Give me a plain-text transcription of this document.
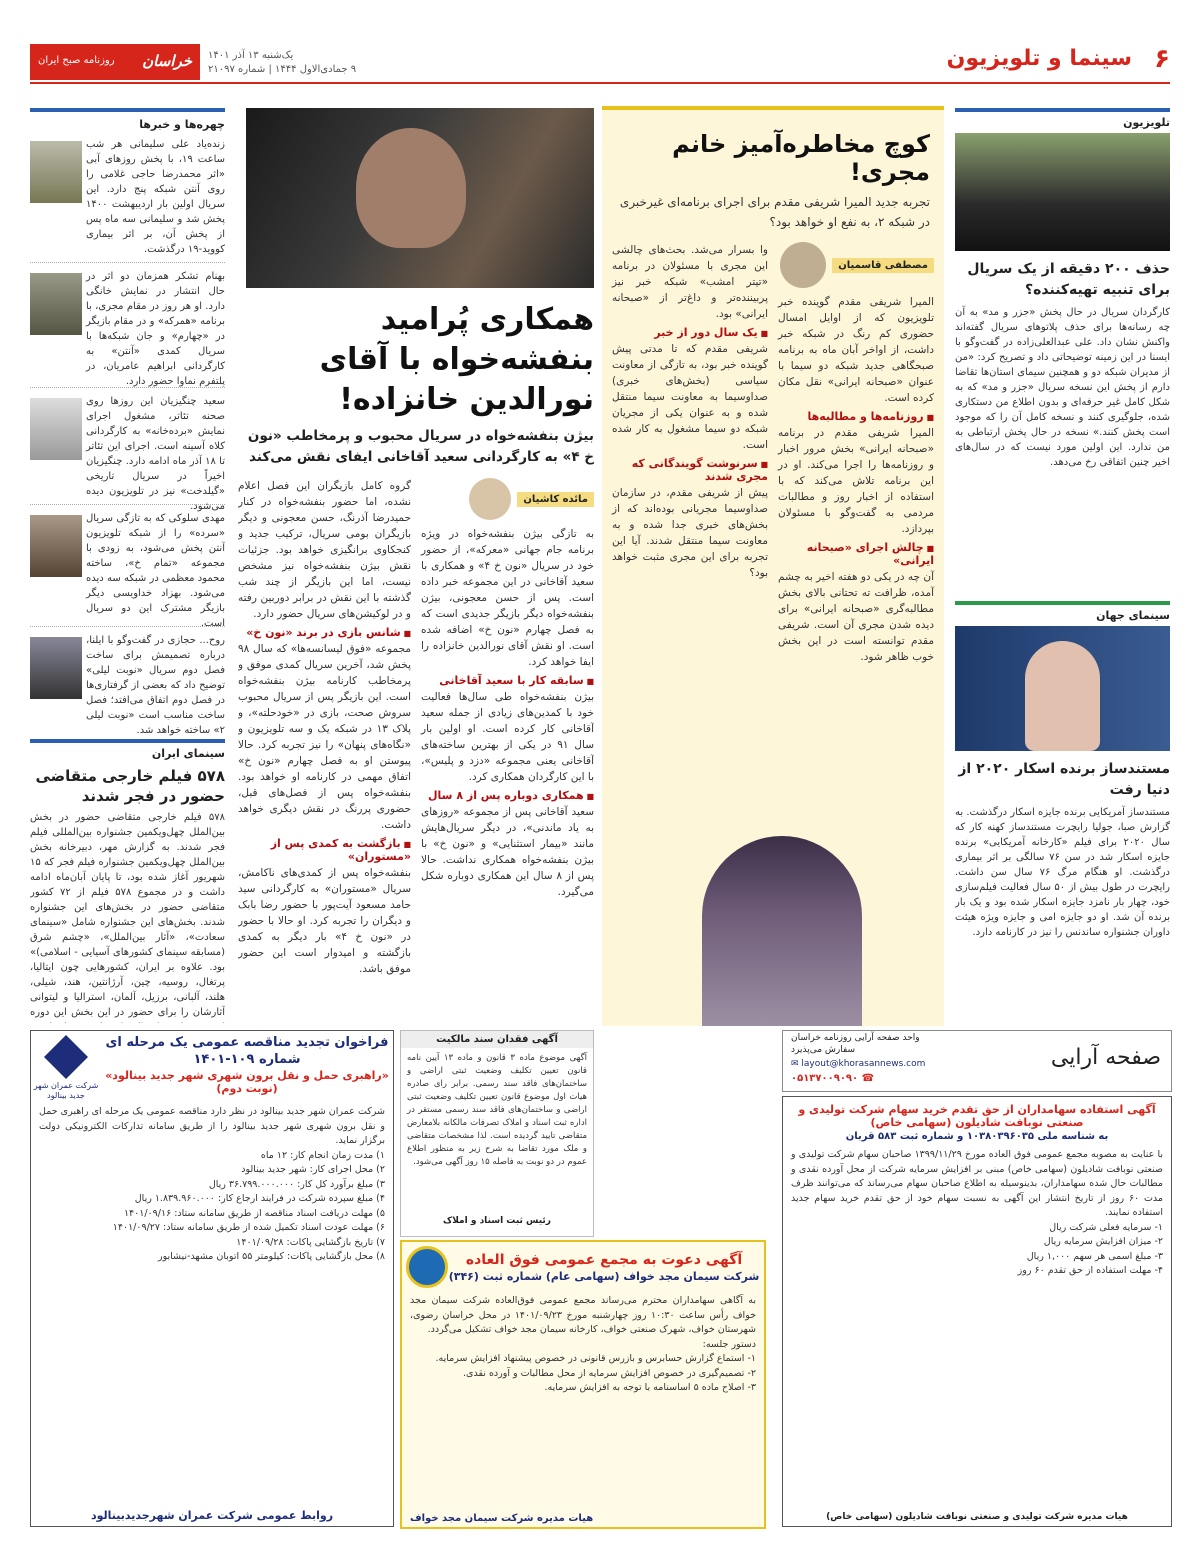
۶
سینما و تلویزیون
یک‌شنبه ۱۳ آذر ۱۴۰۱
۹ جمادی‌الاول ۱۴۴۴ | شماره ۲۱۰۹۷
خراسان
روزنامه صبح ایران
چهره‌ها و خبرها
زنده‌یاد علی سلیمانی هر شب ساعت ۱۹، با پخش روزهای آبی «اثر محمدرضا حاجی غلامی را روی آنتن شبکه پنج دارد. این سریال اولین بار اردیبهشت ۱۴۰۰ پخش شد و سلیمانی سه ماه پس از پخش آن، بر اثر بیماری کووید-۱۹ درگذشت.
بهنام تشکر همزمان دو اثر در حال انتشار در نمایش خانگی دارد. او هر روز در مقام مجری، با برنامه «همرکه» و در مقام بازیگر در «چهارم» و جان شبکه‌ها با سریال کمدی «آنتن» به کارگردانی ابراهیم عامریان، در پلتفرم نماوا حضور دارد.
سعید چنگیزیان این روزها روی صحنه تئاتر، مشغول اجرای نمایش «برده‌خانه» به کارگردانی کلاه آسینه است. اجرای این تئاتر تا ۱۸ آذر ماه ادامه دارد. چنگیزیان اخیراً در سریال تاریخی «گیلدخت» نیز در تلویزیون دیده می‌شود.
مهدی سلوکی که به تازگی سریال «سرده» را از شبکه تلویزیون آنتن پخش می‌شود، به زودی با مجموعه «تمام خ»، ساخته محمود معظمی در شبکه سه دیده می‌شود. بهزاد خداویسی دیگر بازیگر مشترک این دو سریال است.
روح... حجازی در گفت‌وگو با ایلنا، درباره تصمیمش برای ساخت فصل دوم سریال «نوبت لیلی» توضیح داد که بعضی از گرفتاری‌ها در فصل دوم اتفاق می‌افتد؛ فصل ساخت مناسب است «نوبت لیلی ۲» ساخته خواهد شد.
سینمای ایران
۵۷۸ فیلم خارجی متقاضی حضور در فجر شدند
۵۷۸ فیلم خارجی متقاضی حضور در بخش بین‌الملل چهل‌ویکمین جشنواره بین‌المللی فیلم فجر شدند. به گزارش مهر، دبیرخانه بخش بین‌الملل چهل‌ویکمین جشنواره فیلم فجر که ۱۵ شهریور آغاز شده بود، تا پایان آبان‌ماه ادامه داشت و در مجموع ۵۷۸ فیلم از ۷۲ کشور متقاضی حضور در بخش‌های این جشنواره شدند. بخش‌های این جشنواره شامل «سینمای سعادت»، «آثار بین‌الملل»، «چشم شرق (مسابقه سینمای کشورهای آسیایی - اسلامی)» بود. علاوه بر ایران، کشورهایی چون ایتالیا، پرتغال، روسیه، چین، آرژانتین، هند، شیلی، هلند، آلبانی، برزیل، آلمان، استرالیا و لیتوانی آثارشان را برای حضور در این بخش این دوره
همکاری پُرامید بنفشه‌خواه با آقای نورالدین خانزاده!
بیژن بنفشه‌خواه در سریال محبوب و پرمخاطب «نون خ ۴» به کارگردانی سعید آقاخانی ایفای نقش می‌کند
مائده کاشیان
به تازگی بیژن بنفشه‌خواه در ویژه برنامه جام جهانی «معرکه»، از حضور خود در سریال «نون خ ۴» و همکاری با سعید آقاخانی در این مجموعه خبر داده است. پس از حسن معجونی، بیژن بنفشه‌خواه دیگر بازیگر جدیدی است که به فصل چهارم «نون خ» اضافه شده است. او نقش آقای نورالدین خانزاده را ایفا خواهد کرد.
■ سابقه کار با سعید آقاخانی
بیژن بنفشه‌خواه طی سال‌ها فعالیت خود با کمدین‌های زیادی از جمله سعید آقاخانی کار کرده است. او اولین بار سال ۹۱ در یکی از بهترین ساخته‌های آقاخانی یعنی مجموعه «دزد و پلیس»، با این کارگردان همکاری کرد.
■ همکاری دوباره پس از ۸ سال
سعید آقاخانی پس از مجموعه «روزهای به یاد ماندنی»، در دیگر سریال‌هایش مانند «بیمار استثنایی» و «نون خ» با بیژن بنفشه‌خواه همکاری نداشت. حالا پس از ۸ سال این همکاری دوباره شکل می‌گیرد.
گروه کامل بازیگران این فصل اعلام نشده، اما حضور بنفشه‌خواه در کنار حمیدرضا آذرنگ، حسن معجونی و دیگر بازیگران بومی سریال، ترکیب جدید و کنجکاوی برانگیزی خواهد بود. جزئیات نقش بیژن بنفشه‌خواه نیز مشخص نیست، اما این بازیگر از چند شب گذشته با این نقش در برابر دوربین رفته و در لوکیشن‌های سریال حضور دارد.
■ شانس بازی در برند «نون خ»
مجموعه «فوق لیسانسه‌ها» که سال ۹۸ پخش شد، آخرین سریال کمدی موفق و پرمخاطب کارنامه بیژن بنفشه‌خواه است. این بازیگر پس از سریال محبوب سروش صحت، بازی در «خودحلته»، و پلاک ۱۳ در شبکه یک و سه تلویزیون و «نگاه‌های پنهان» را نیز تجربه کرد. حالا پیوستن او به فصل چهارم «نون خ» اتفاق مهمی در کارنامه او خواهد بود. بنفشه‌خواه پس از فصل‌های قبل، حضوری پررنگ در نقش دیگری خواهد داشت.
■ بازگشت به کمدی پس از «مستوران»
بنفشه‌خواه پس از کمدی‌های ناکامش، سریال «مستوران» به کارگردانی سید حامد مسعود آیت‌پور با حضور رضا بابک و دیگران را تجربه کرد. او حالا با حضور در «نون خ ۴» بار دیگر به کمدی بازگشته و امیدوار است این حضور موفق باشد.
کوچ مخاطره‌آمیز خانم مجری!
تجربه جدید المیرا شریفی مقدم برای اجرای برنامه‌ای غیرخبری در شبکه ۲، به نفع او خواهد بود؟
مصطفی قاسمیان
المیرا شریفی مقدم گوینده خبر تلویزیون که از اوایل امسال حضوری کم رنگ در شبکه خبر داشت، از اواخر آبان ماه به برنامه صبحگاهی جدید شبکه دو سیما با عنوان «صبحانه ایرانی» نقل مکان کرده است.
■ روزنامه‌ها و مطالبه‌ها
المیرا شریفی مقدم در برنامه «صبحانه ایرانی» بخش مرور اخبار و روزنامه‌ها را اجرا می‌کند. او در این برنامه تلاش می‌کند که با استفاده از اخبار روز و مطالبات مردمی به گفت‌وگو با مسئولان بپردازد.
■ چالش اجرای «صبحانه ایرانی»
آن چه در یکی دو هفته اخیر به چشم آمده، ظرافت ته تحتانی بالای بخش مطالبه‌گری «صبحانه ایرانی» برای دیده شدن مجری آن است. شریفی مقدم توانسته است در این بخش خوب ظاهر شود.
وا بسرار می‌شد. بحث‌های چالشی این مجری با مسئولان در برنامه «تیتر امشب» شبکه خبر نیز پربیننده‌تر و داغ‌تر از «صبحانه ایرانی» بود.
■ یک سال دور از خبر
شریفی مقدم که تا مدتی پیش گوینده خبر بود، به تازگی از معاونت سیاسی (بخش‌های خبری) صداوسیما به معاونت سیما منتقل شده و به عنوان یکی از مجریان شبکه دو سیما مشغول به کار شده است.
■ سرنوشت گویندگانی که مجری شدند
پیش از شریفی مقدم، در سازمان صداوسیما مجریانی بوده‌اند که از بخش‌های خبری جدا شده و به معاونت سیما منتقل شدند. آیا این تجربه برای این مجری مثبت خواهد بود؟
تلویزیون
حذف ۲۰۰ دقیقه از یک سریال برای تنبیه تهیه‌کننده؟
کارگردان سریال در حال پخش «جزر و مد» به آن چه رسانه‌ها برای حذف پلاتوهای سریال گفته‌اند واکنش نشان داد. علی عبدالعلی‌زاده در گفت‌وگو با ایسنا در این زمینه توضیحاتی داد و تصریح کرد: «من از مدیران شبکه دو و همچنین سیمای استان‌ها تقاضا دارم از پخش این نسخه سریال «جزر و مد» که به شکل کامل غیر حرفه‌ای و بدون اطلاع من دستکاری شده، جلوگیری کنند و نسخه کامل آن را که موجود است پخش کنند.» نسخه در حال پخش ارتباطی به من ندارد. این اولین مورد نیست که در سال‌های اخیر چنین اتفاقی رخ می‌دهد.
سینمای جهان
مستندساز برنده اسکار ۲۰۲۰ از دنیا رفت
مستندساز آمریکایی برنده جایزه اسکار درگذشت. به گزارش صبا، جولیا رایچرت مستندساز کهنه کار که سال ۲۰۲۰ برای فیلم «کارخانه آمریکایی» برنده جایزه اسکار شد در سن ۷۶ سالگی بر اثر بیماری درگذشت. او هنگام مرگ ۷۶ سال سن داشت. رایچرت در طول بیش از ۵۰ سال فعالیت فیلم‌سازی خود، چهار بار نامزد جایزه اسکار شده بود و یک بار برنده آن شد. او دو جایزه امی و جایزه ویژه هیئت داوران جشنواره ساندنس را نیز در کارنامه دارد.
فراخوان تجدید مناقصه عمومی یک مرحله ای
شماره ۱۰۹-۱۴۰۱
«راهبری حمل و نقل برون شهری شهر جدید بینالود» (نوبت دوم)
شرکت عمران شهر جدید بینالود
شرکت عمران شهر جدید بینالود در نظر دارد مناقصه عمومی یک مرحله ای راهبری حمل و نقل برون شهری شهر جدید بینالود را از طریق سامانه تدارکات الکترونیکی دولت برگزار نماید.
۱) مدت زمان انجام کار: ۱۲ ماه
۲) محل اجرای کار: شهر جدید بینالود
۳) مبلغ برآورد کل کار: ۳۶.۷۹۹.۰۰۰.۰۰۰ ریال
۴) مبلغ سپرده شرکت در فرایند ارجاع کار: ۱.۸۳۹.۹۶۰.۰۰۰ ریال
۵) مهلت دریافت اسناد مناقصه از طریق سامانه ستاد: ۱۴۰۱/۰۹/۱۶
۶) مهلت عودت اسناد تکمیل شده از طریق سامانه ستاد: ۱۴۰۱/۰۹/۲۷
۷) تاریخ بازگشایی پاکات: ۱۴۰۱/۰۹/۲۸
۸) محل بازگشایی پاکات: کیلومتر ۵۵ اتوبان مشهد-نیشابور
روابط عمومی شرکت عمران شهرجدیدبینالود
آگهی فقدان سند مالکیت
آگهی موضوع ماده ۳ قانون و ماده ۱۳ آیین نامه قانون تعیین تکلیف وضعیت ثبتی اراضی و ساختمان‌های فاقد سند رسمی. برابر رای صادره هیات اول موضوع قانون تعیین تکلیف وضعیت ثبتی اراضی و ساختمان‌های فاقد سند رسمی مستقر در اداره ثبت اسناد و املاک تصرفات مالکانه بلامعارض متقاضی تایید گردیده است. لذا مشخصات متقاضی و ملک مورد تقاضا به شرح زیر به منظور اطلاع عموم در دو نوبت به فاصله ۱۵ روز آگهی می‌شود.
رئیس ثبت اسناد و املاک
آگهی دعوت به مجمع عمومی فوق العاده
شرکت سیمان مجد خواف (سهامی عام) شماره ثبت (۳۴۶)
به آگاهی سهامداران محترم می‌رساند مجمع عمومی فوق‌العاده شرکت سیمان مجد خواف رأس ساعت ۱۰:۳۰ روز چهارشنبه مورخ ۱۴۰۱/۰۹/۲۳ در محل خراسان رضوی، شهرستان خواف، شهرک صنعتی خواف، کارخانه سیمان مجد خواف تشکیل می‌گردد.
دستور جلسه:
۱- استماع گزارش حسابرس و بازرس قانونی در خصوص پیشنهاد افزایش سرمایه.
۲- تصمیم‌گیری در خصوص افزایش سرمایه از محل مطالبات و آورده نقدی.
۳- اصلاح ماده ۵ اساسنامه با توجه به افزایش سرمایه.
هیات مدیره شرکت سیمان مجد خواف
صفحه آرایی
واحد صفحه آرایی روزنامه خراسان
سفارش می‌پذیرد
✉ layout@khorasannews.com
☎ ۰۵۱۳۷۰۰۹۰۹۰
آگهی استفاده سهامداران از حق تقدم خرید سهام شرکت تولیدی و صنعتی نوبافت شادیلون (سهامی خاص)
به شناسه ملی ۱۰۳۸۰۳۹۶۰۳۵ و شماره ثبت ۵۸۳ قربان
با عنایت به مصوبه مجمع عمومی فوق العاده مورخ ۱۳۹۹/۱۱/۲۹ صاحبان سهام شرکت تولیدی و صنعتی نوبافت شادیلون (سهامی خاص) مبنی بر افزایش سرمایه شرکت از محل آورده نقدی و مطالبات حال شده سهامداران، بدینوسیله به اطلاع صاحبان سهام می‌رساند که می‌توانند ظرف مدت ۶۰ روز از تاریخ انتشار این آگهی به نسبت سهام خود از حق تقدم خرید سهام جدید استفاده نمایند.
۱- سرمایه فعلی شرکت ریال
۲- میزان افزایش سرمایه ریال
۳- مبلغ اسمی هر سهم ۱,۰۰۰ ریال
۴- مهلت استفاده از حق تقدم ۶۰ روز
هیات مدیره شرکت تولیدی و صنعتی نوبافت شادیلون (سهامی خاص)
